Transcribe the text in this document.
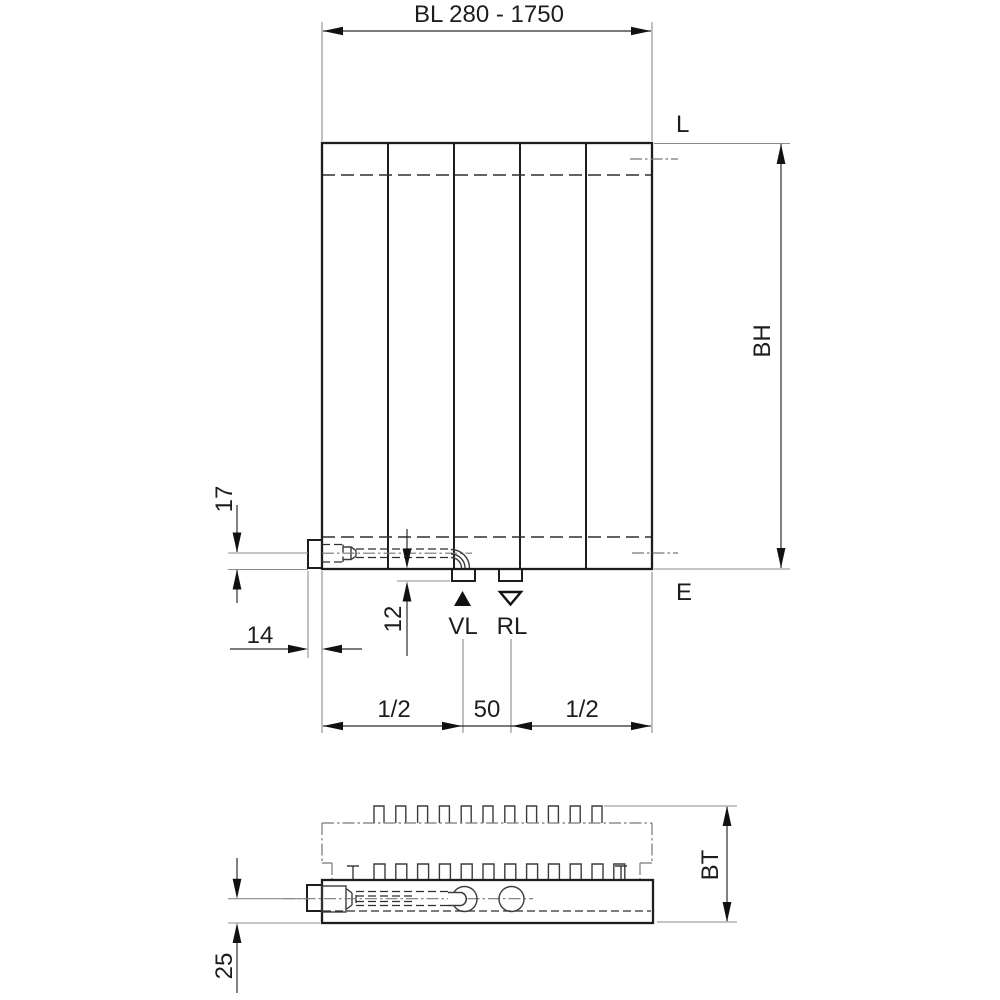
VL RL
BL 280 - 1750
L
E
BH
17
14
12
1/2	50	1/2
BT
25
